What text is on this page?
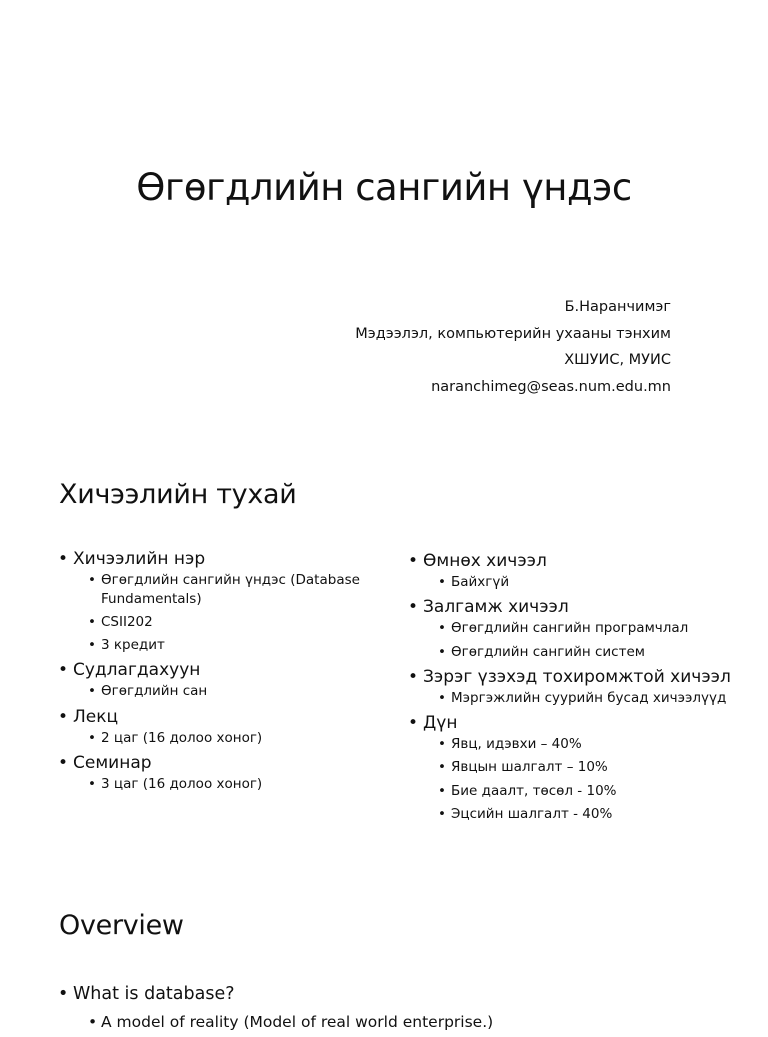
Өгөгдлийн сангийн үндэс
Б.Наранчимэг
Мэдээлэл, компьютерийн ухааны тэнхим
ХШУИС, МУИС
naranchimeg@seas.num.edu.mn
Хичээлийн тухай
• Хичээлийн нэр
• Өгөгдлийн сангийн үндэс (Database Fundamentals)
• CSII202
• 3 кредит
• Судлагдахуун
• Өгөгдлийн сан
• Лекц
• 2 цаг (16 долоо хоног)
• Семинар
• 3 цаг (16 долоо хоног)
• Өмнөх хичээл
• Байхгүй
• Залгамж хичээл
• Өгөгдлийн сангийн програмчлал
• Өгөгдлийн сангийн систем
• Зэрэг үзэхэд тохиромжтой хичээл
• Мэргэжлийн суурийн бусад хичээлүүд
• Дүн
• Явц, идэвхи – 40%
• Явцын шалгалт – 10%
• Бие даалт, төсөл - 10%
• Эцсийн шалгалт - 40%
Overview
• What is database?
• A model of reality (Model of real world enterprise.)
